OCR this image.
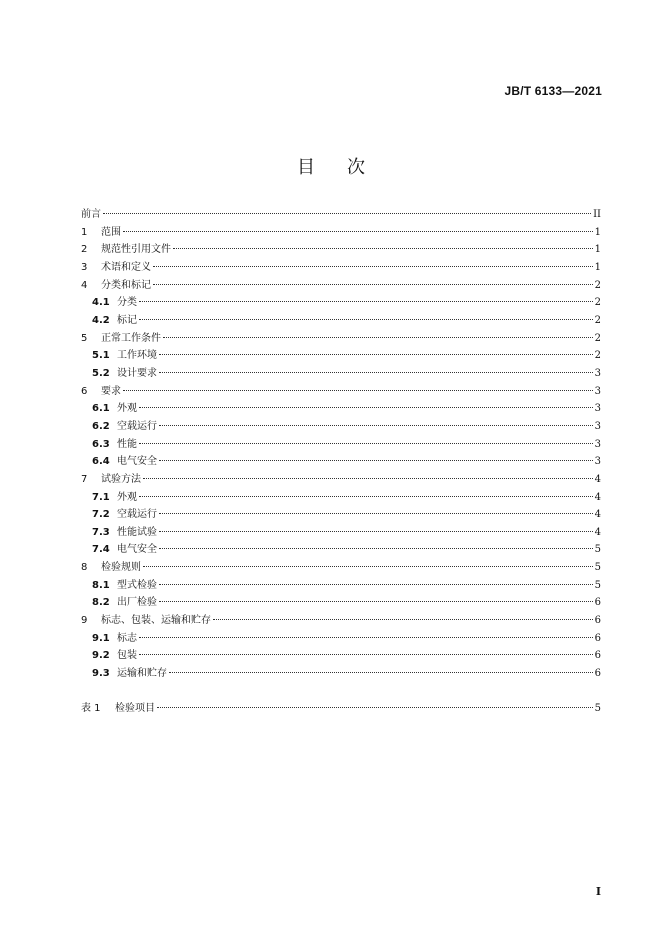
JB/T 6133—2021
目次
前言	II
1	范围	1
2	规范性引用文件	1
3	术语和定义	1
4	分类和标记	2
4.1 分类	2
4.2 标记	2
5	正常工作条件	2
5.1 工作环境	2
5.2 设计要求	3
6	要求	3
6.1 外观	3
6.2 空载运行	3
6.3 性能	3
6.4 电气安全	3
7	试验方法	4
7.1 外观	4
7.2 空载运行	4
7.3 性能试验	4
7.4 电气安全	5
8	检验规则	5
8.1 型式检验	5
8.2 出厂检验	6
9	标志、包装、运输和贮存	6
9.1 标志	6
9.2 包装	6
9.3 运输和贮存	6
表 1	检验项目	5
I
